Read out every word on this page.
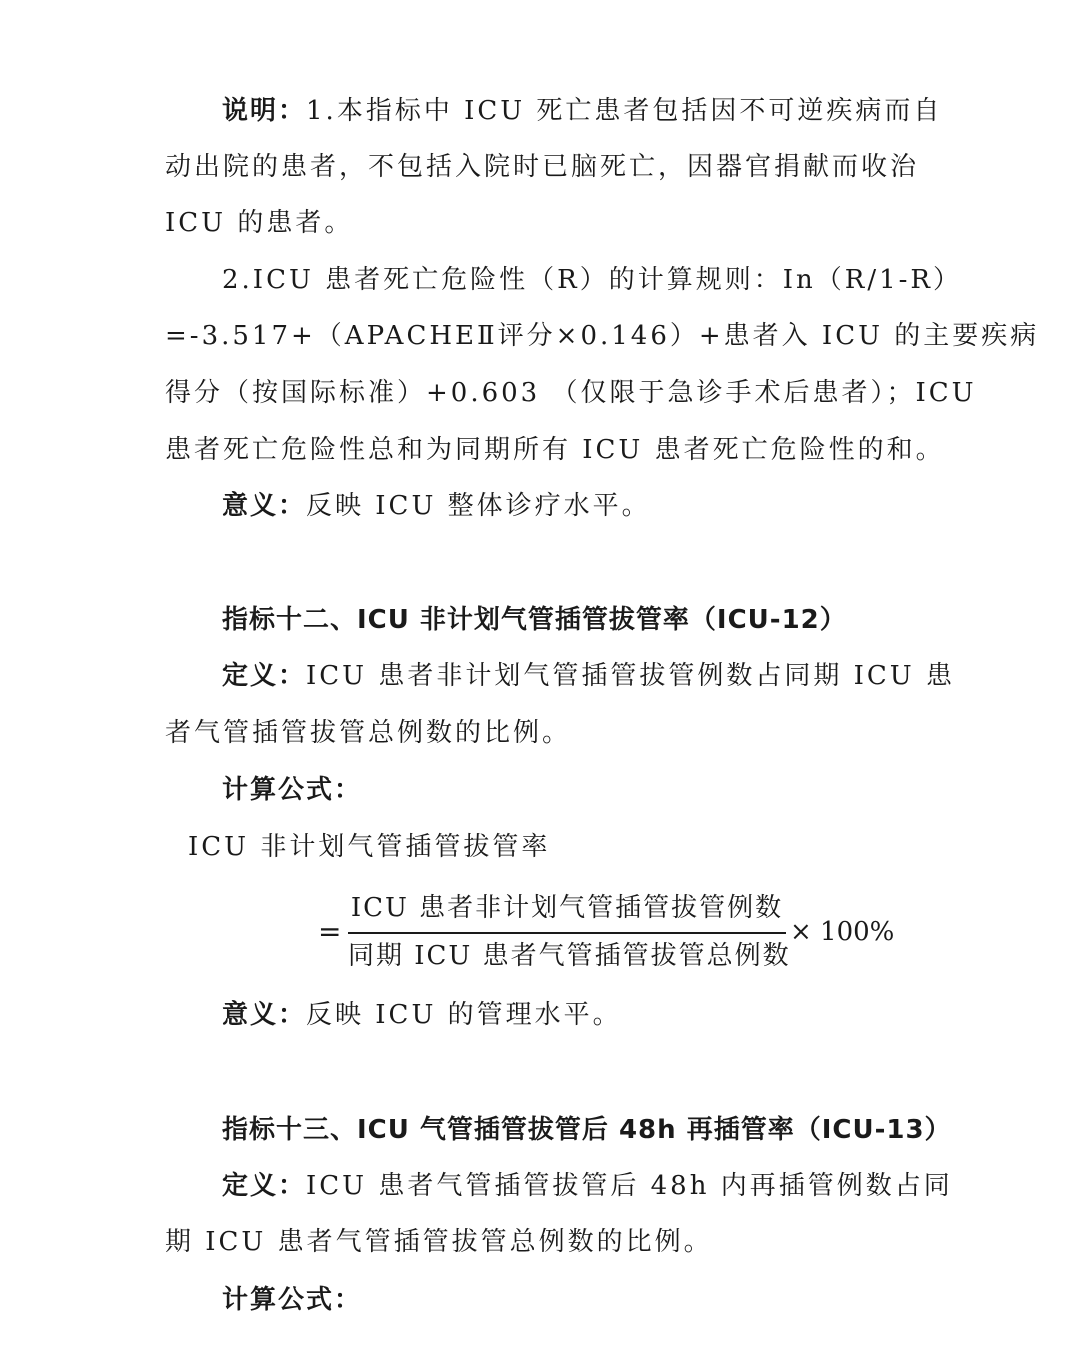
说明：1.本指标中 ICU 死亡患者包括因不可逆疾病而自
动出院的患者，不包括入院时已脑死亡，因器官捐献而收治
ICU 的患者。
2.ICU 患者死亡危险性（R）的计算规则：In（R/1-R）
=-3.517+（APACHEⅡ评分×0.146）+患者入 ICU 的主要疾病
得分（按国际标准）+0.603 （仅限于急诊手术后患者）；ICU
患者死亡危险性总和为同期所有 ICU 患者死亡危险性的和。
意义：反映 ICU 整体诊疗水平。
指标十二、ICU 非计划气管插管拔管率（ICU-12）
定义：ICU 患者非计划气管插管拔管例数占同期 ICU 患
者气管插管拔管总例数的比例。
计算公式：
ICU 非计划气管插管拔管率
=
ICU 患者非计划气管插管拔管例数
同期 ICU 患者气管插管拔管总例数
× 100%
意义：反映 ICU 的管理水平。
指标十三、ICU 气管插管拔管后 48h 再插管率（ICU-13）
定义：ICU 患者气管插管拔管后 48h 内再插管例数占同
期 ICU 患者气管插管拔管总例数的比例。
计算公式：
